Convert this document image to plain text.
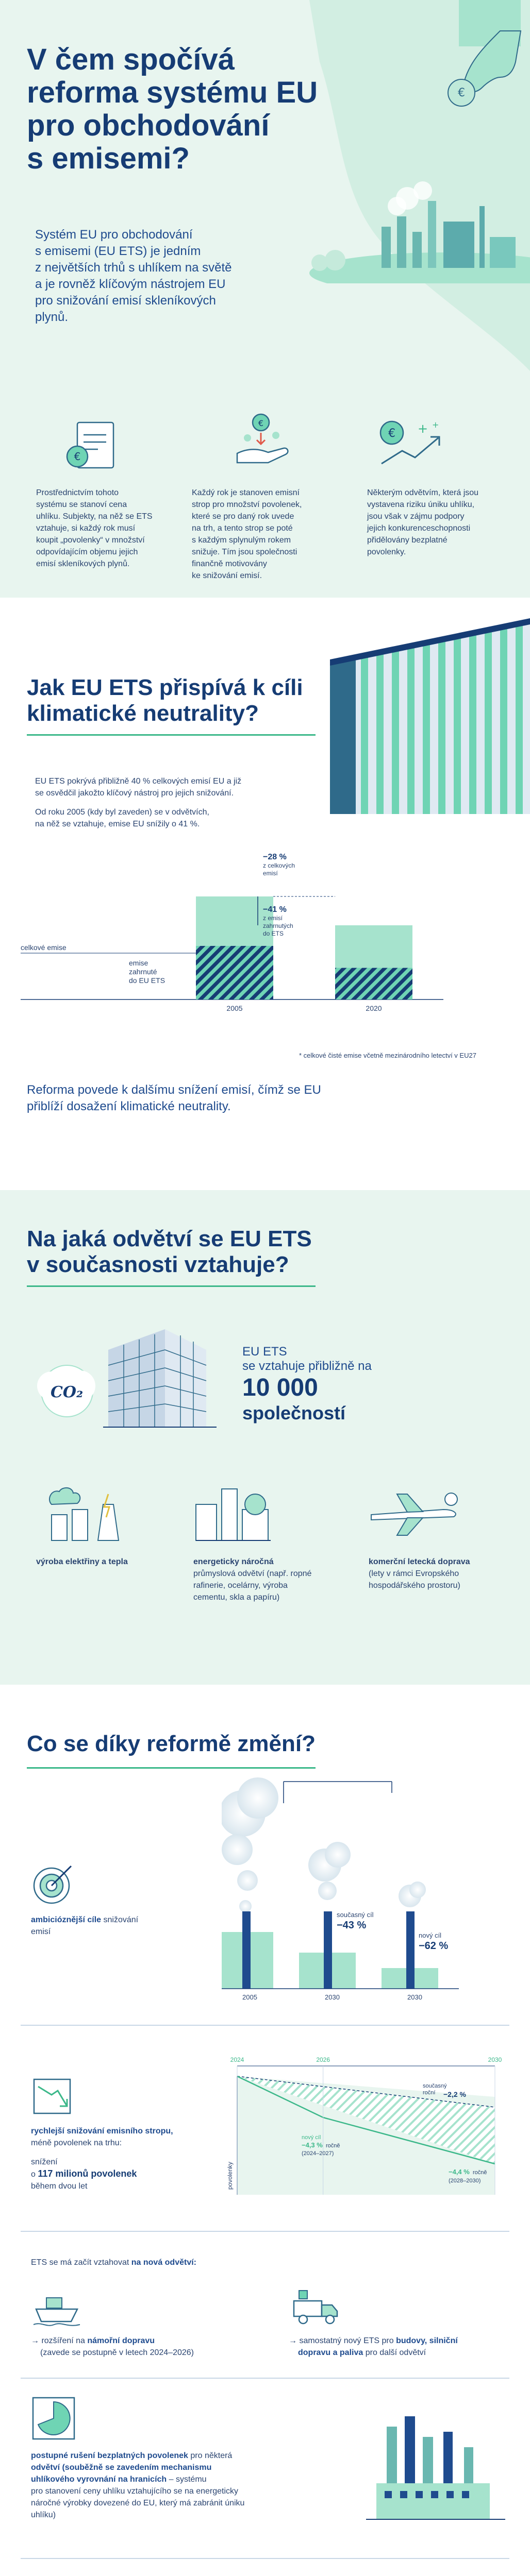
€
V čem spočívá
reforma systému EU
pro obchodování
s emisemi?
Systém EU pro obchodování
s emisemi (EU ETS) je jedním
z největších trhů s uhlíkem na světě
a je rovněž klíčovým nástrojem EU
pro snižování emisí skleníkových
plynů.
€
€
€ + +
Prostřednictvím tohoto
systému se stanoví cena
uhlíku. Subjekty, na něž se ETS
vztahuje, si každý rok musí
koupit „povolenky“ v množství
odpovídajícím objemu jejich
emisí skleníkových plynů.
Každý rok je stanoven emisní
strop pro množství povolenek,
které se pro daný rok uvede
na trh, a tento strop se poté
s každým splynulým rokem
snižuje. Tím jsou společnosti
finančně motivovány
ke snižování emisí.
Některým odvětvím, která jsou
vystavena riziku úniku uhlíku,
jsou však v zájmu podpory
jejich konkurenceschopnosti
přidělovány bezplatné
povolenky.
Jak EU ETS přispívá k cíli
klimatické neutrality?
EU ETS pokrývá přibližně 40 % celkových emisí EU a již
se osvědčil jakožto klíčový nástroj pro jejich snižování.
Od roku 2005 (kdy byl zaveden) se v odvětvích,
na něž se vztahuje, emise EU snížily o 41 %.
2005	2020
celkové emise
emise
zahrnuté
do EU ETS
−28 %
z celkových
emisí
−41 %
z emisí
zahrnutých
do ETS
* celkové čisté emise včetně mezinárodního letectví v EU27
Reforma povede k dalšímu snížení emisí, čímž se EU
přiblíží dosažení klimatické neutrality.
Na jaká odvětví se EU ETS
v současnosti vztahuje?
CO₂
EU ETS
se vztahuje přibližně na
10 000
společností
výroba elektřiny a tepla	energeticky náročná
průmyslová odvětví (např. ropné
rafinerie, ocelárny, výroba
cementu, skla a papíru)
komerční letecká doprava
(lety v rámci Evropského
hospodářského prostoru)
Co se díky reformě změní?
ambicióznější cíle snižování
emisí
současný cíl
−43 %
nový cíl
−62 %
2005	2030	2030
rychlejší snižování emisního stropu,
méně povolenek na trhu:
snížení
o 117 milionů povolenek
během dvou let
2024	2026	2030
povolenky
současný
roční −2,2 %
nový cíl
−4,3 % ročně
(2024–2027)
−4,4 % ročně
(2028–2030)
ETS se má začít vztahovat na nová odvětví:
→ rozšíření na námořní dopravu
(zavede se postupně v letech 2024–2026)
→ samostatný nový ETS pro budovy, silniční
dopravu a paliva pro další odvětví
postupné rušení bezplatných povolenek pro některá
odvětví (souběžně se zavedením mechanismu
uhlíkového vyrovnání na hranicích – systému
pro stanovení ceny uhlíku vztahujícího se na energeticky
náročné výrobky dovezené do EU, který má zabránit úniku
uhlíku)
